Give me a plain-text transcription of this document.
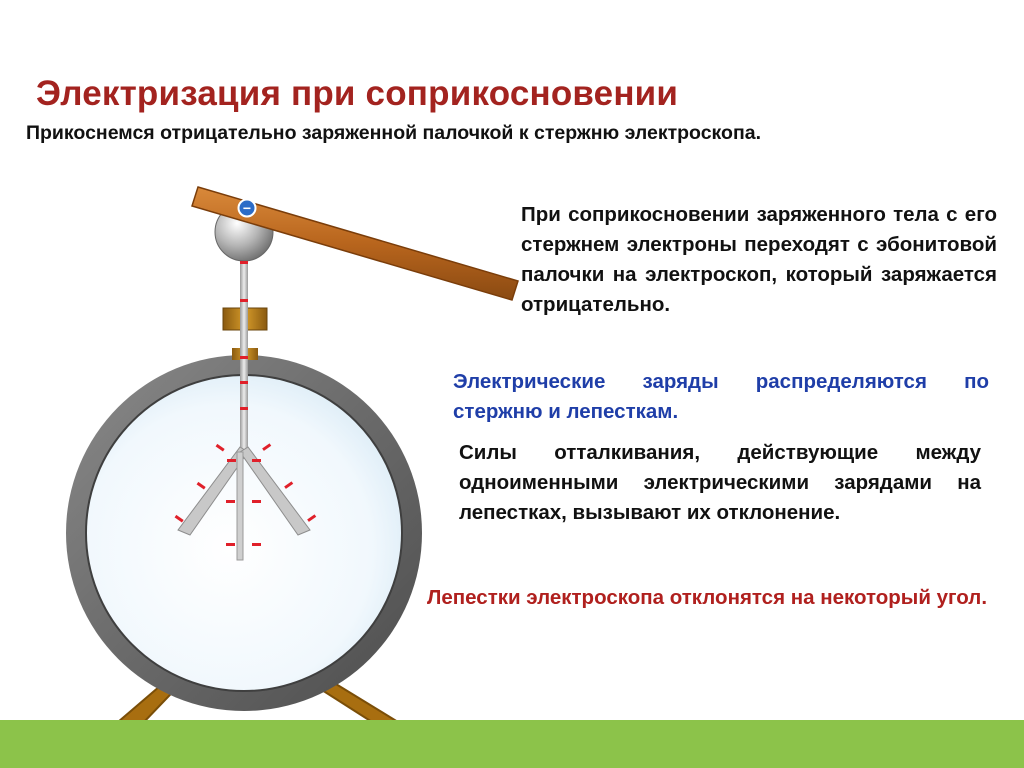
Электризация при соприкосновении
Прикоснемся отрицательно заряженной палочкой к стержню электроскопа.
−	При соприкосновении заряженного тела с его стержнем электроны переходят с эбонитовой палочки на электроскоп, который заряжается отрицательно.
Электрические заряды распределяются по стержню и лепесткам.
Силы отталкивания, действующие между одноименными электрическими зарядами на лепестках, вызывают их отклонение.
Лепестки электроскопа отклонятся на некоторый угол.
